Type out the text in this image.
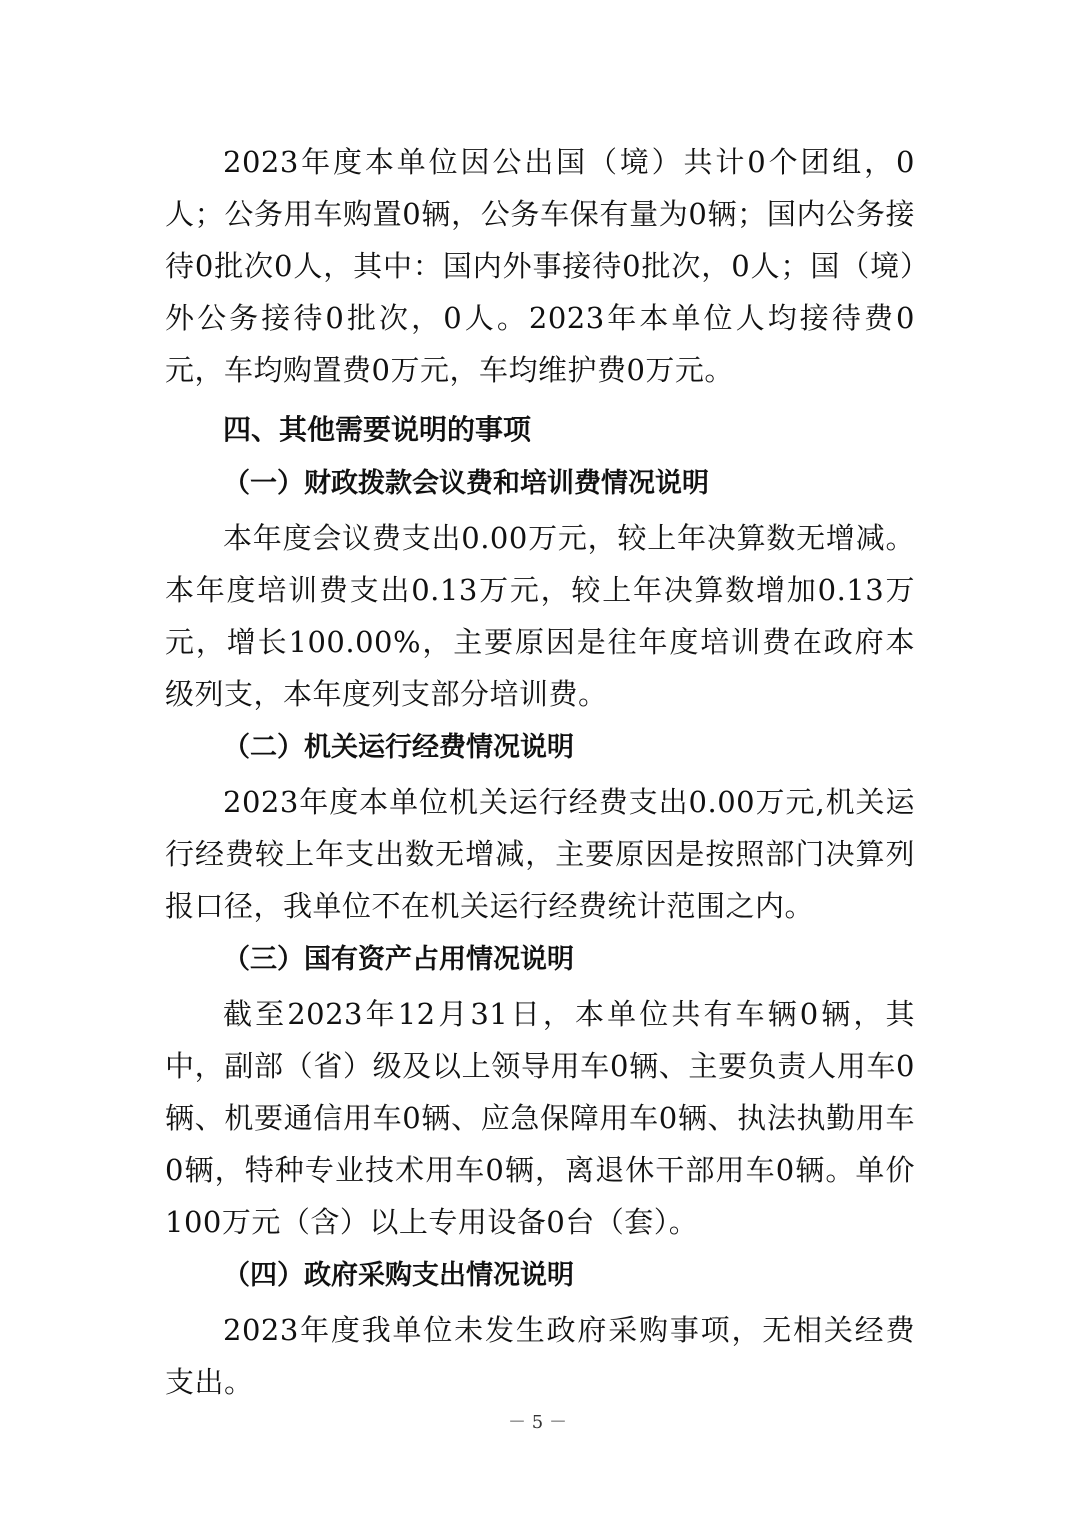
2023年度本单位因公出国（境）共计0个团组，0人；公务用车购置0辆，公务车保有量为0辆；国内公务接待0批次0人，其中：国内外事接待0批次，0人；国（境）外公务接待0批次，0人。2023年本单位人均接待费0元，车均购置费0万元，车均维护费0万元。

四、其他需要说明的事项

（一）财政拨款会议费和培训费情况说明

本年度会议费支出0.00万元，较上年决算数无增减。本年度培训费支出0.13万元，较上年决算数增加0.13万元，增长100.00%，主要原因是往年度培训费在政府本级列支，本年度列支部分培训费。

（二）机关运行经费情况说明

2023年度本单位机关运行经费支出0.00万元,机关运行经费较上年支出数无增减，主要原因是按照部门决算列报口径，我单位不在机关运行经费统计范围之内。

（三）国有资产占用情况说明

截至2023年12月31日，本单位共有车辆0辆，其中，副部（省）级及以上领导用车0辆、主要负责人用车0辆、机要通信用车0辆、应急保障用车0辆、执法执勤用车0辆，特种专业技术用车0辆，离退休干部用车0辆。单价100万元（含）以上专用设备0台（套）。

（四）政府采购支出情况说明

2023年度我单位未发生政府采购事项，无相关经费支出。

－ 5 －
